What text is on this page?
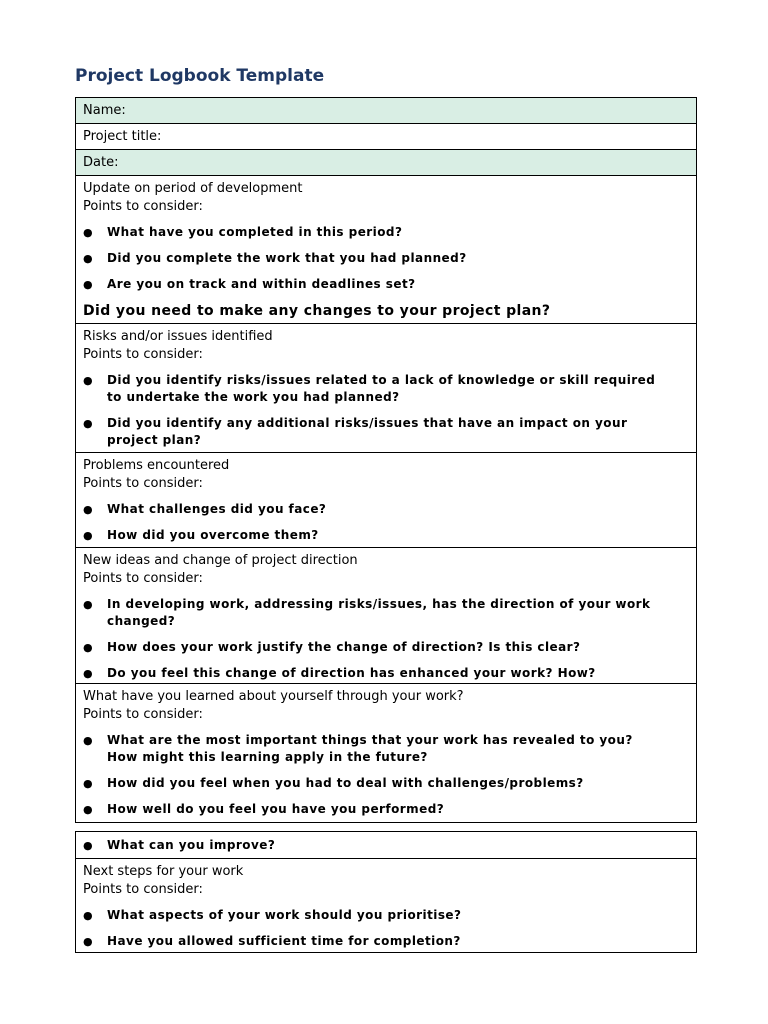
Project Logbook Template
Name:
Project title:
Date:

Update on period of development
Points to consider:
● What have you completed in this period?
● Did you complete the work that you had planned?
● Are you on track and within deadlines set?
Did you need to make any changes to your project plan?

Risks and/or issues identified
Points to consider:
● Did you identify risks/issues related to a lack of knowledge or skill required to undertake the work you had planned?
● Did you identify any additional risks/issues that have an impact on your project plan?

Problems encountered
Points to consider:
● What challenges did you face?
● How did you overcome them?

New ideas and change of project direction
Points to consider:
● In developing work, addressing risks/issues, has the direction of your work changed?
● How does your work justify the change of direction? Is this clear?
● Do you feel this change of direction has enhanced your work? How?

What have you learned about yourself through your work?
Points to consider:
● What are the most important things that your work has revealed to you? How might this learning apply in the future?
● How did you feel when you had to deal with challenges/problems?
● How well do you feel you have you performed?
● What can you improve?

Next steps for your work
Points to consider:
● What aspects of your work should you prioritise?
● Have you allowed sufficient time for completion?
